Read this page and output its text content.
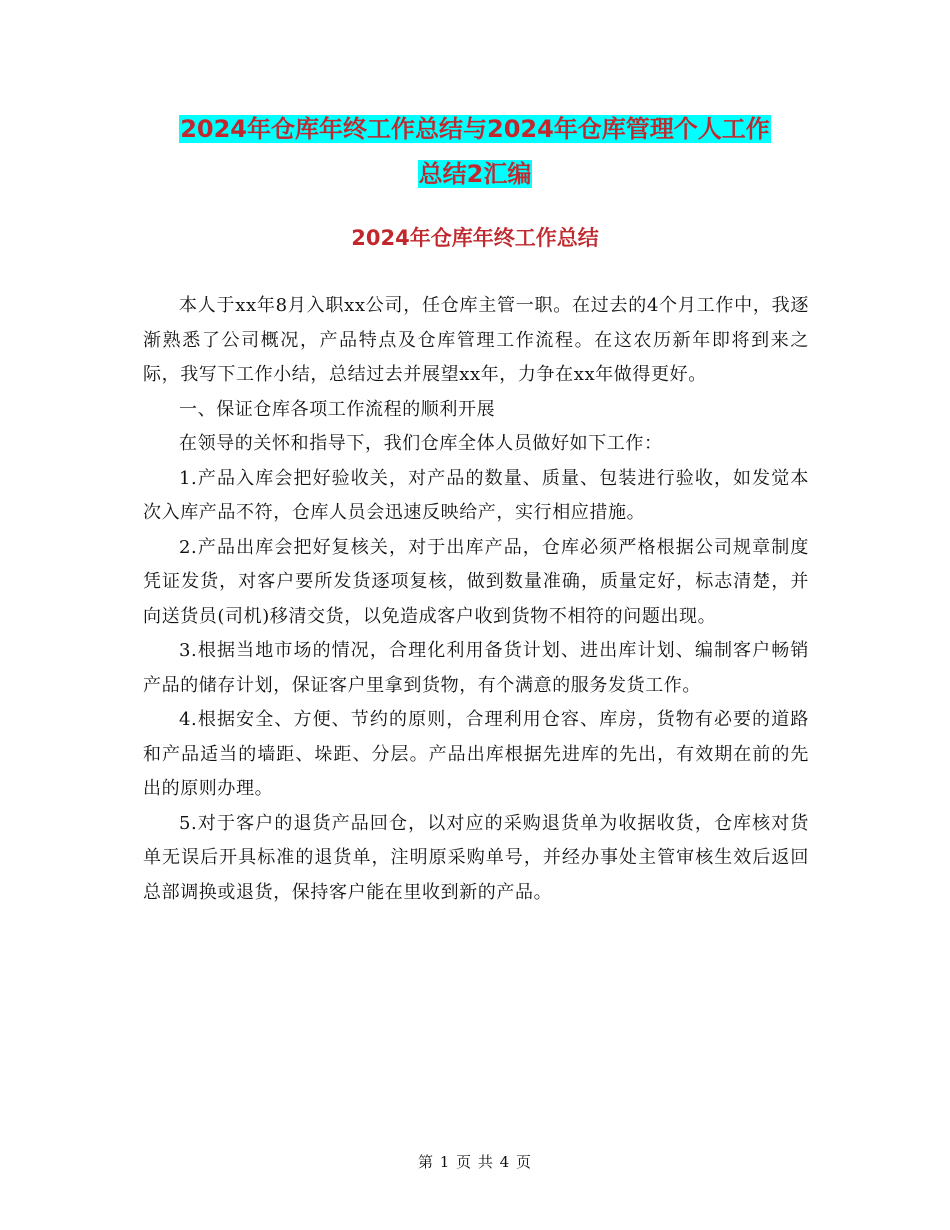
2024年仓库年终工作总结与2024年仓库管理个人工作
总结2汇编
2024年仓库年终工作总结

本人于xx年8月入职xx公司，任仓库主管一职。在过去的4个月工作中，我逐渐熟悉了公司概况，产品特点及仓库管理工作流程。在这农历新年即将到来之际，我写下工作小结，总结过去并展望xx年，力争在xx年做得更好。

一、保证仓库各项工作流程的顺利开展

在领导的关怀和指导下，我们仓库全体人员做好如下工作：

1.产品入库会把好验收关，对产品的数量、质量、包装进行验收，如发觉本次入库产品不符，仓库人员会迅速反映给产，实行相应措施。

2.产品出库会把好复核关，对于出库产品，仓库必须严格根据公司规章制度凭证发货，对客户要所发货逐项复核，做到数量准确，质量定好，标志清楚，并向送货员(司机)移清交货，以免造成客户收到货物不相符的问题出现。

3.根据当地市场的情况，合理化利用备货计划、进出库计划、编制客户畅销产品的储存计划，保证客户里拿到货物，有个满意的服务发货工作。

4.根据安全、方便、节约的原则，合理利用仓容、库房，货物有必要的道路和产品适当的墙距、垛距、分层。产品出库根据先进库的先出，有效期在前的先出的原则办理。

5.对于客户的退货产品回仓，以对应的采购退货单为收据收货，仓库核对货单无误后开具标准的退货单，注明原采购单号，并经办事处主管审核生效后返回总部调换或退货，保持客户能在里收到新的产品。

第 1 页 共 4 页
